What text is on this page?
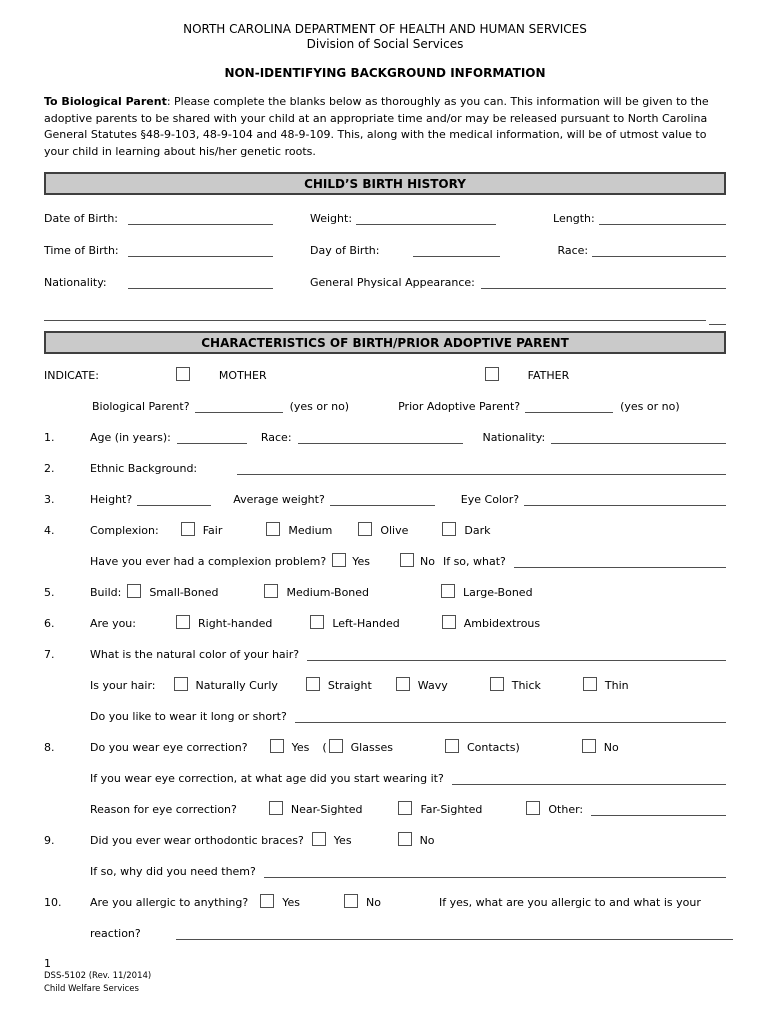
NORTH CAROLINA DEPARTMENT OF HEALTH AND HUMAN SERVICES
Division of Social Services
NON-IDENTIFYING BACKGROUND INFORMATION

To Biological Parent: Please complete the blanks below as thoroughly as you can. This information will be given to the adoptive parents to be shared with your child at an appropriate time and/or may be released pursuant to North Carolina General Statutes §48-9-103, 48-9-104 and 48-9-109. This, along with the medical information, will be of utmost value to your child in learning about his/her genetic roots.

CHILD’S BIRTH HISTORY
Date of Birth:	Weight:	Length:
Time of Birth:	Day of Birth:	Race:
Nationality:	General Physical Appearance:
CHARACTERISTICS OF BIRTH/PRIOR ADOPTIVE PARENT
INDICATE:	MOTHER	FATHER
Biological Parent?	(yes or no)	Prior Adoptive Parent?	(yes or no)
1.	Age (in years):	Race:	Nationality:
2.	Ethnic Background:
3.	Height?	Average weight?	Eye Color?
4.	Complexion:	Fair	Medium	Olive	Dark
Have you ever had a complexion problem? Yes	No If so, what?
5.	Build:	Small-Boned	Medium-Boned	Large-Boned
6.	Are you:	Right-handed	Left-Handed	Ambidextrous
7.	What is the natural color of your hair?
Is your hair:	Naturally Curly	Straight	Wavy	Thick	Thin
Do you like to wear it long or short?
8.	Do you wear eye correction?	Yes ( Glasses	Contacts)	No
If you wear eye correction, at what age did you start wearing it?
Reason for eye correction?	Near-Sighted	Far-Sighted	Other:
9.	Did you ever wear orthodontic braces?	Yes	No
If so, why did you need them?
10.	Are you allergic to anything?	Yes	No	If yes, what are you allergic to and what is your
reaction?
1
DSS-5102 (Rev. 11/2014)
Child Welfare Services
